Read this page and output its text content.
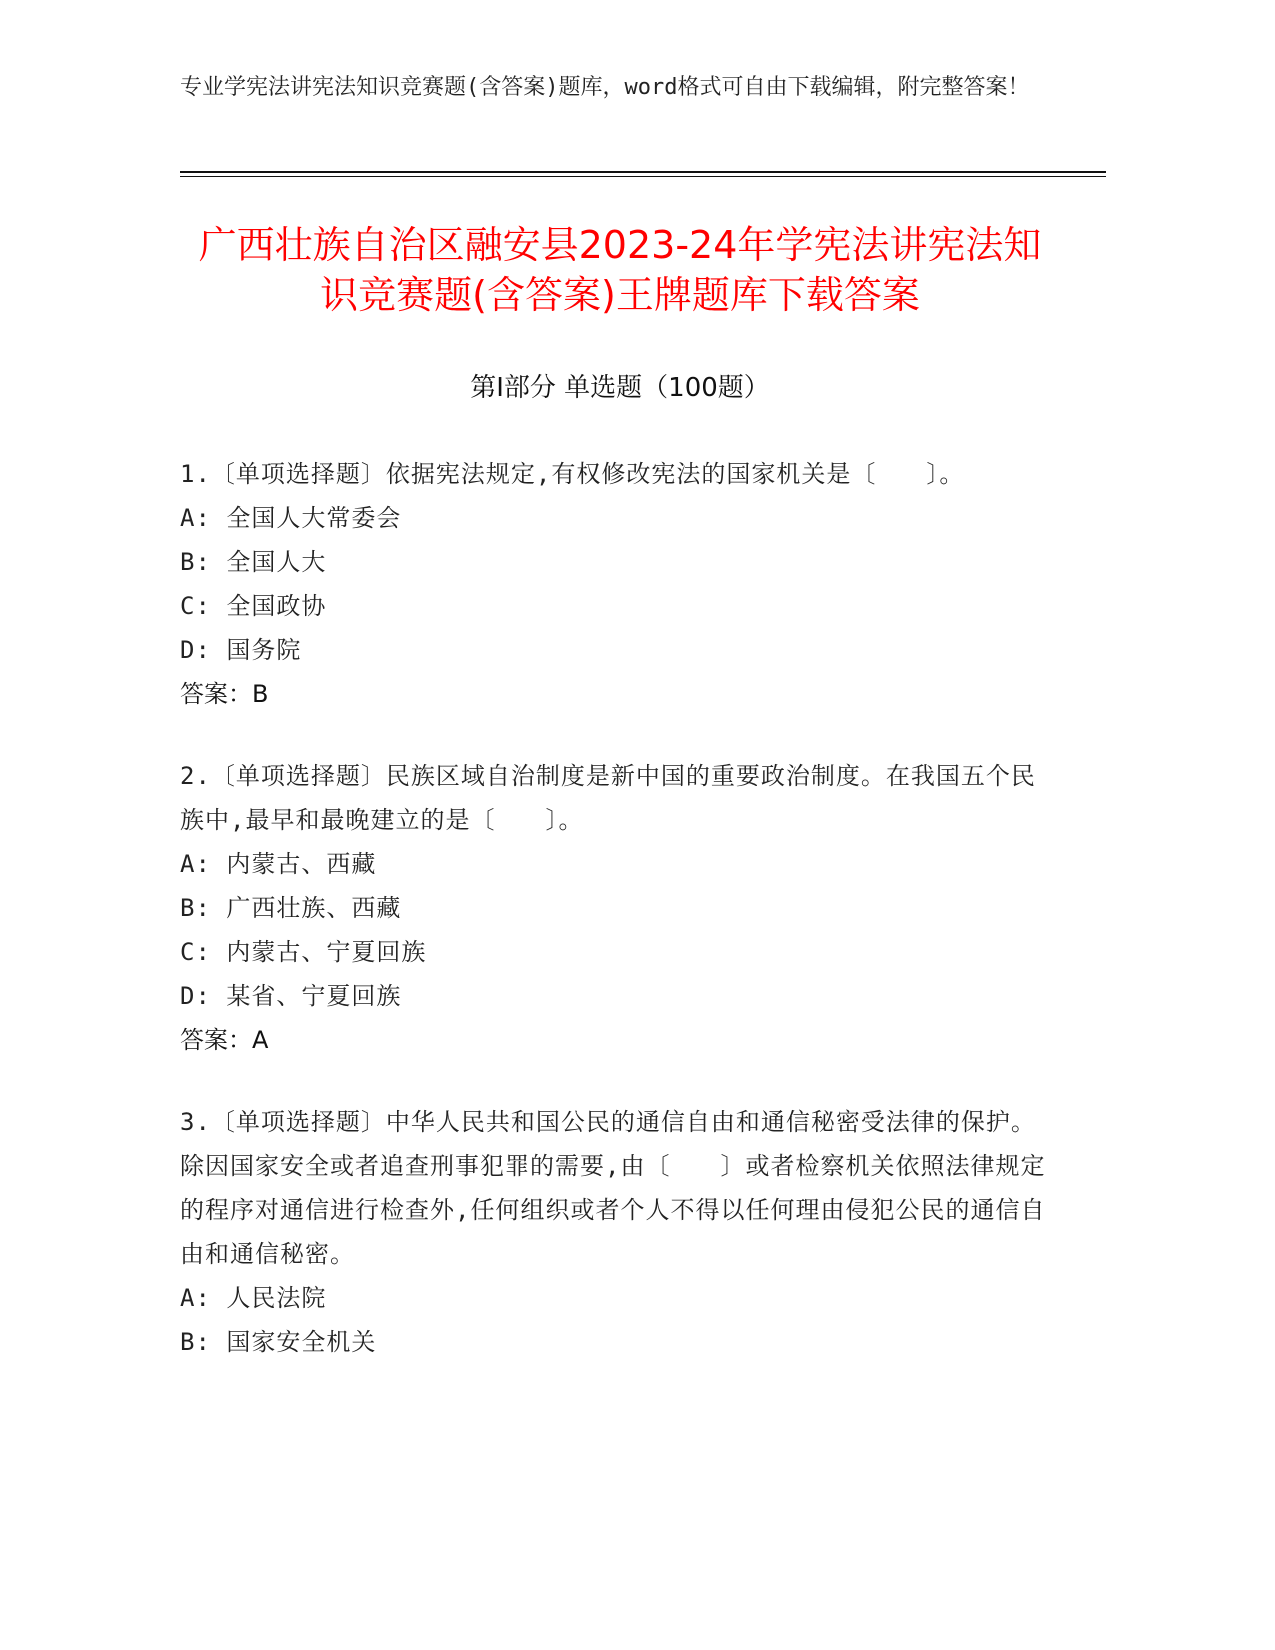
专业学宪法讲宪法知识竞赛题(含答案)题库，word格式可自由下载编辑，附完整答案！
广西壮族自治区融安县2023-24年学宪法讲宪法知识竞赛题(含答案)王牌题库下载答案
第Ⅰ部分 单选题（100题）
1.〔单项选择题〕依据宪法规定,有权修改宪法的国家机关是〔　　〕。
A: 全国人大常委会
B: 全国人大
C: 全国政协
D: 国务院
答案：B
2.〔单项选择题〕民族区域自治制度是新中国的重要政治制度。在我国五个民族中,最早和最晚建立的是〔　　〕。
A: 内蒙古、西藏
B: 广西壮族、西藏
C: 内蒙古、宁夏回族
D: 某省、宁夏回族
答案：A
3.〔单项选择题〕中华人民共和国公民的通信自由和通信秘密受法律的保护。除因国家安全或者追查刑事犯罪的需要,由〔　　〕或者检察机关依照法律规定的程序对通信进行检查外,任何组织或者个人不得以任何理由侵犯公民的通信自由和通信秘密。
A: 人民法院
B: 国家安全机关
